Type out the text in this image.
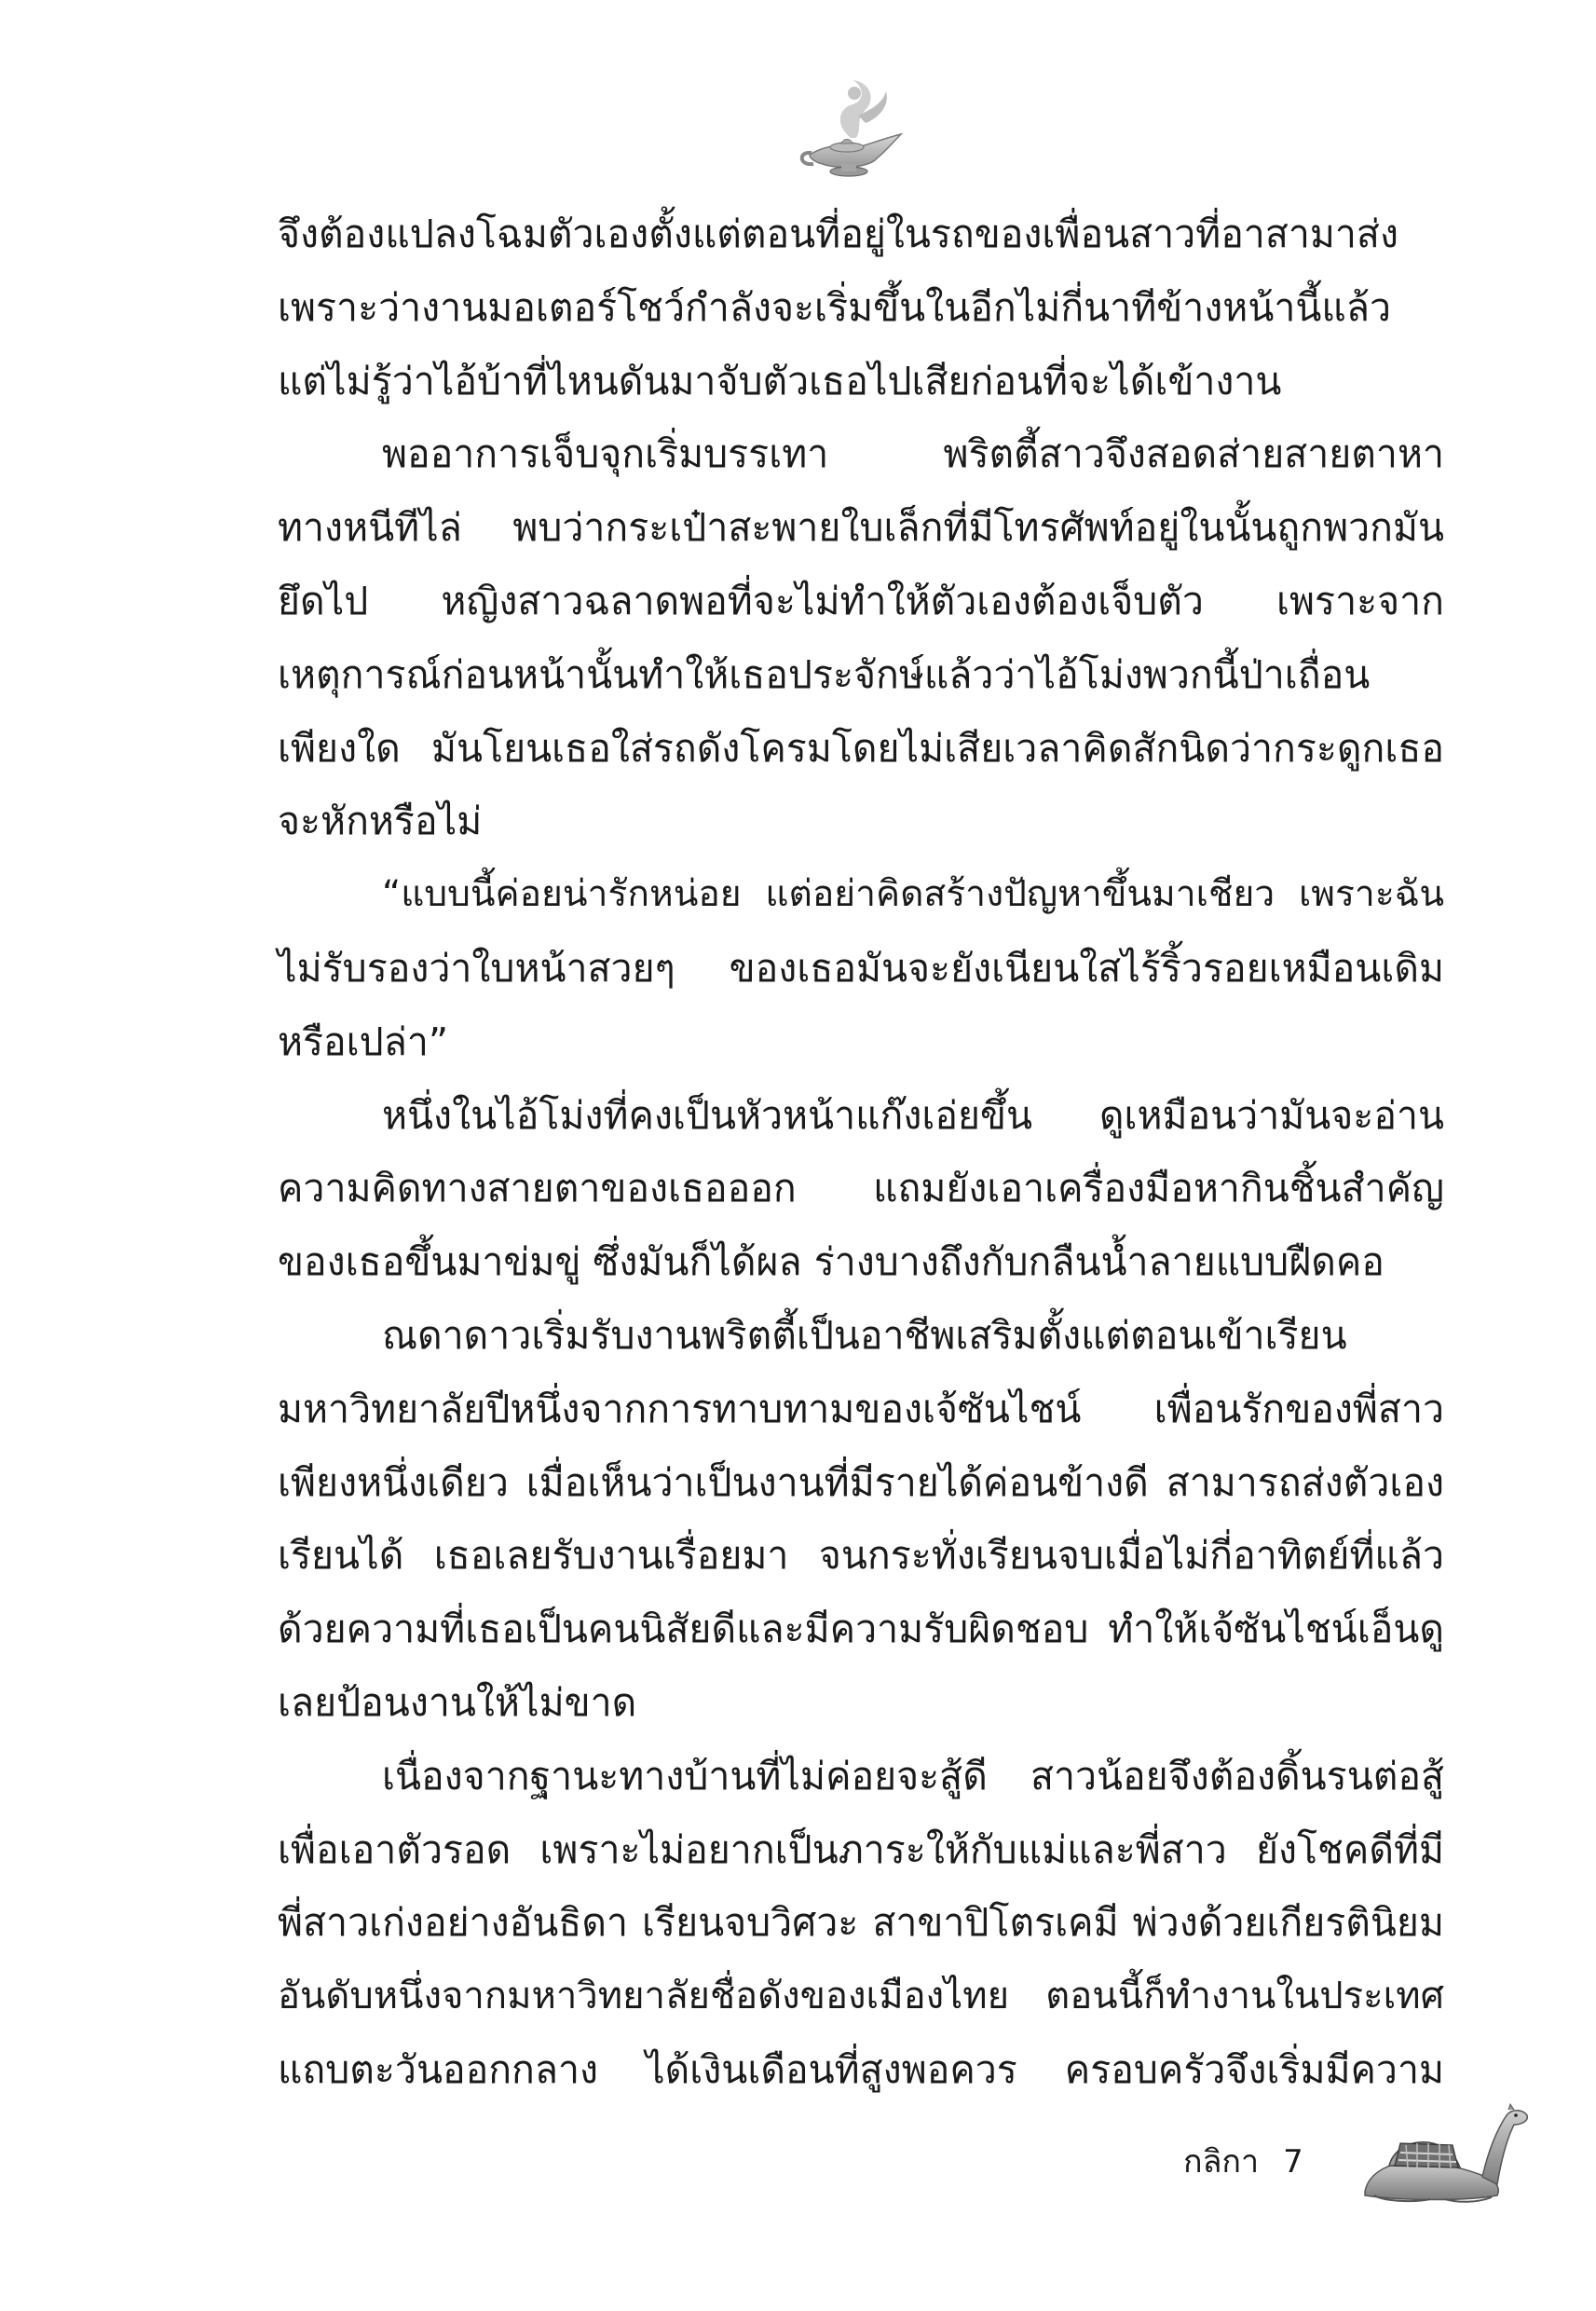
จึงต้องแปลงโฉมตัวเองตั้งแต่ตอนที่อยู่ในรถของเพื่อนสาวที่อาสามาส่ง
เพราะว่างานมอเตอร์โชว์กำลังจะเริ่มขึ้นในอีกไม่กี่นาทีข้างหน้านี้แล้ว
แต่ไม่รู้ว่าไอ้บ้าที่ไหนดันมาจับตัวเธอไปเสียก่อนที่จะได้เข้างาน
พออาการเจ็บจุกเริ่มบรรเทา พริตตี้สาวจึงสอดส่ายสายตาหา
ทางหนีทีไล่ พบว่ากระเป๋าสะพายใบเล็กที่มีโทรศัพท์อยู่ในนั้นถูกพวกมัน
ยึดไป หญิงสาวฉลาดพอที่จะไม่ทำให้ตัวเองต้องเจ็บตัว เพราะจาก
เหตุการณ์ก่อนหน้านั้นทำให้เธอประจักษ์แล้วว่าไอ้โม่งพวกนี้ป่าเถื่อน
เพียงใด มันโยนเธอใส่รถดังโครมโดยไม่เสียเวลาคิดสักนิดว่ากระดูกเธอ
จะหักหรือไม่
“แบบนี้ค่อยน่ารักหน่อย แต่อย่าคิดสร้างปัญหาขึ้นมาเชียว เพราะฉัน
ไม่รับรองว่าใบหน้าสวยๆ ของเธอมันจะยังเนียนใสไร้ริ้วรอยเหมือนเดิม
หรือเปล่า”
หนึ่งในไอ้โม่งที่คงเป็นหัวหน้าแก๊งเอ่ยขึ้น ดูเหมือนว่ามันจะอ่าน
ความคิดทางสายตาของเธอออก แถมยังเอาเครื่องมือหากินชิ้นสำคัญ
ของเธอขึ้นมาข่มขู่ ซึ่งมันก็ได้ผล ร่างบางถึงกับกลืนน้ำลายแบบฝืดคอ
ณดาดาวเริ่มรับงานพริตตี้เป็นอาชีพเสริมตั้งแต่ตอนเข้าเรียน
มหาวิทยาลัยปีหนึ่งจากการทาบทามของเจ้ซันไชน์ เพื่อนรักของพี่สาว
เพียงหนึ่งเดียว เมื่อเห็นว่าเป็นงานที่มีรายได้ค่อนข้างดี สามารถส่งตัวเอง
เรียนได้ เธอเลยรับงานเรื่อยมา จนกระทั่งเรียนจบเมื่อไม่กี่อาทิตย์ที่แล้ว
ด้วยความที่เธอเป็นคนนิสัยดีและมีความรับผิดชอบ ทำให้เจ้ซันไชน์เอ็นดู
เลยป้อนงานให้ไม่ขาด
เนื่องจากฐานะทางบ้านที่ไม่ค่อยจะสู้ดี สาวน้อยจึงต้องดิ้นรนต่อสู้
เพื่อเอาตัวรอด เพราะไม่อยากเป็นภาระให้กับแม่และพี่สาว ยังโชคดีที่มี
พี่สาวเก่งอย่างอันธิดา เรียนจบวิศวะ สาขาปิโตรเคมี พ่วงด้วยเกียรตินิยม
อันดับหนึ่งจากมหาวิทยาลัยชื่อดังของเมืองไทย ตอนนี้ก็ทำงานในประเทศ
แถบตะวันออกกลาง ได้เงินเดือนที่สูงพอควร ครอบครัวจึงเริ่มมีความ
กลิกา 7
